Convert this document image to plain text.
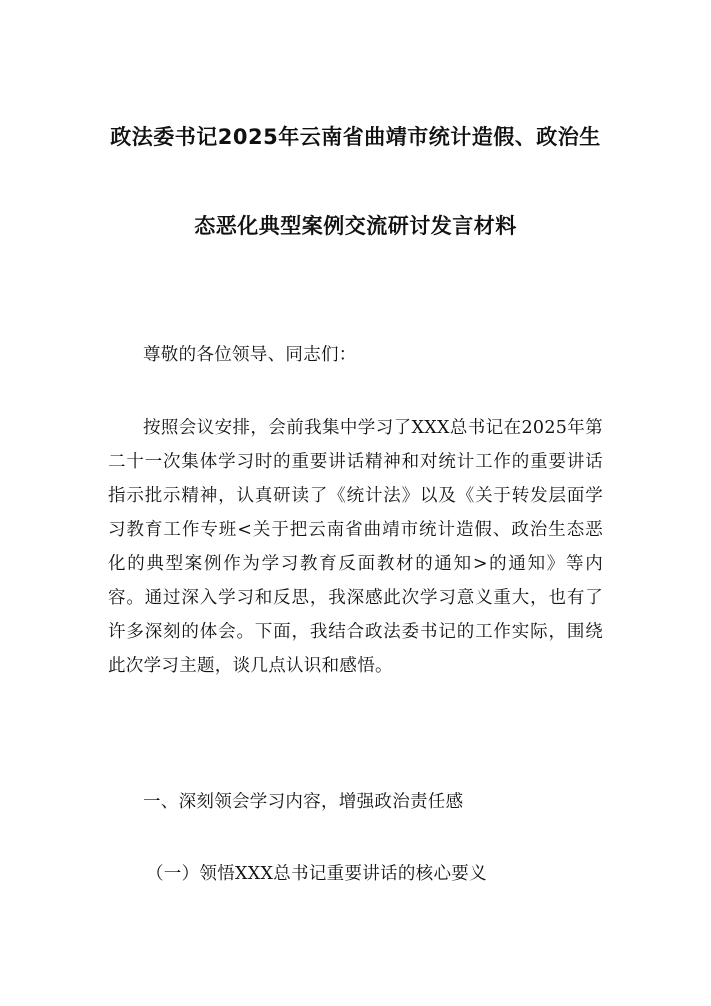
政法委书记2025年云南省曲靖市统计造假、政治生
态恶化典型案例交流研讨发言材料

尊敬的各位领导、同志们：

按照会议安排，会前我集中学习了XXX总书记在2025年第二十一次集体学习时的重要讲话精神和对统计工作的重要讲话指示批示精神，认真研读了《统计法》以及《关于转发层面学习教育工作专班<关于把云南省曲靖市统计造假、政治生态恶化的典型案例作为学习教育反面教材的通知>的通知》等内容。通过深入学习和反思，我深感此次学习意义重大，也有了许多深刻的体会。下面，我结合政法委书记的工作实际，围绕此次学习主题，谈几点认识和感悟。

一、深刻领会学习内容，增强政治责任感

（一）领悟XXX总书记重要讲话的核心要义
